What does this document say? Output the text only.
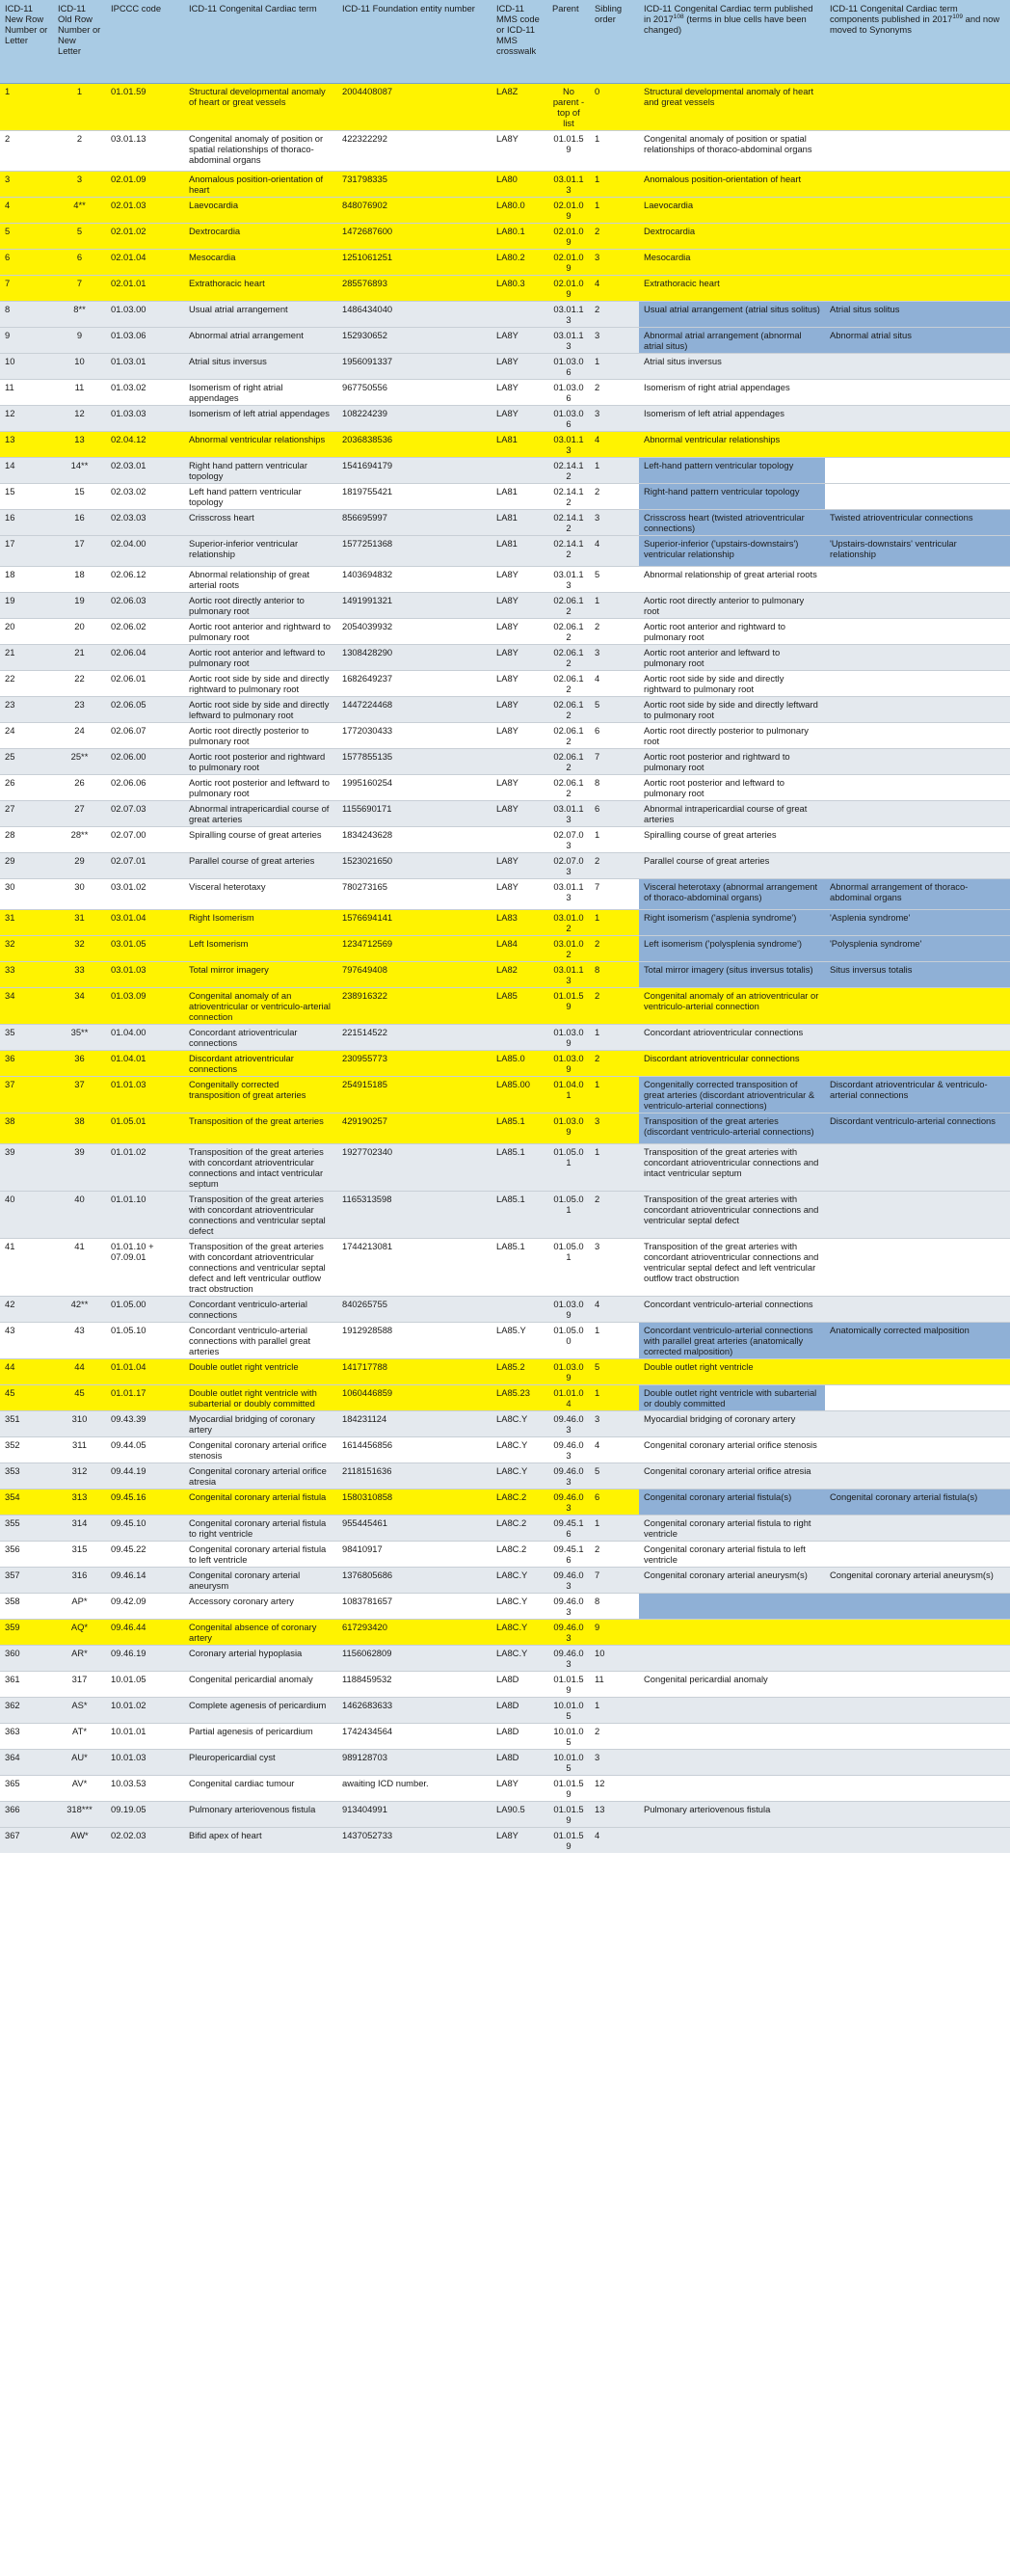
ICD-11 New Row Number or Letter	ICD-11 Old Row Number or New Letter	IPCCC code	ICD-11 Congenital Cardiac term	ICD-11 Foundation entity number	ICD-11 MMS code or ICD-11 MMS crosswalk	Parent	Sibling order	ICD-11 Congenital Cardiac term published in 2017$^{108}$ (terms in blue cells have been changed)	ICD-11 Congenital Cardiac term components published in 2017$^{109}$ and now moved to Synonyms
1	1	01.01.59	Structural developmental anomaly of heart or great vessels	2004408087	LA8Z	No parent - top of list	0	Structural developmental anomaly of heart and great vessels	
2	2	03.01.13	Congenital anomaly of position or spatial relationships of thoraco-abdominal organs	422322292	LA8Y	01.01.59	1	Congenital anomaly of position or spatial relationships of thoraco-abdominal organs	
3	3	02.01.09	Anomalous position-orientation of heart	731798335	LA80	03.01.13	1	Anomalous position-orientation of heart	
4	4**	02.01.03	Laevocardia	848076902	LA80.0	02.01.09	1	Laevocardia	
5	5	02.01.02	Dextrocardia	1472687600	LA80.1	02.01.09	2	Dextrocardia	
6	6	02.01.04	Mesocardia	1251061251	LA80.2	02.01.09	3	Mesocardia	
7	7	02.01.01	Extrathoracic heart	285576893	LA80.3	02.01.09	4	Extrathoracic heart	
8	8**	01.03.00	Usual atrial arrangement	1486434040		03.01.13	2	Usual atrial arrangement (atrial situs solitus)	Atrial situs solitus
9	9	01.03.06	Abnormal atrial arrangement	152930652	LA8Y	03.01.13	3	Abnormal atrial arrangement (abnormal atrial situs)	Abnormal atrial situs
10	10	01.03.01	Atrial situs inversus	1956091337	LA8Y	01.03.06	1	Atrial situs inversus	
11	11	01.03.02	Isomerism of right atrial appendages	967750556	LA8Y	01.03.06	2	Isomerism of right atrial appendages	
12	12	01.03.03	Isomerism of left atrial appendages	108224239	LA8Y	01.03.06	3	Isomerism of left atrial appendages	
13	13	02.04.12	Abnormal ventricular relationships	2036838536	LA81	03.01.13	4	Abnormal ventricular relationships	
14	14**	02.03.01	Right hand pattern ventricular topology	1541694179		02.14.12	1	Left-hand pattern ventricular topology	
15	15	02.03.02	Left hand pattern ventricular topology	1819755421	LA81	02.14.12	2	Right-hand pattern ventricular topology	
16	16	02.03.03	Crisscross heart	856695997	LA81	02.14.12	3	Crisscross heart (twisted atrioventricular connections)	Twisted atrioventricular connections
17	17	02.04.00	Superior-inferior ventricular relationship	1577251368	LA81	02.14.12	4	Superior-inferior ('upstairs-downstairs') ventricular relationship	'Upstairs-downstairs' ventricular relationship
18	18	02.06.12	Abnormal relationship of great arterial roots	1403694832	LA8Y	03.01.13	5	Abnormal relationship of great arterial roots	
19	19	02.06.03	Aortic root directly anterior to pulmonary root	1491991321	LA8Y	02.06.12	1	Aortic root directly anterior to pulmonary root	
20	20	02.06.02	Aortic root anterior and rightward to pulmonary root	2054039932	LA8Y	02.06.12	2	Aortic root anterior and rightward to pulmonary root	
21	21	02.06.04	Aortic root anterior and leftward to pulmonary root	1308428290	LA8Y	02.06.12	3	Aortic root anterior and leftward to pulmonary root	
22	22	02.06.01	Aortic root side by side and directly rightward to pulmonary root	1682649237	LA8Y	02.06.12	4	Aortic root side by side and directly rightward to pulmonary root	
23	23	02.06.05	Aortic root side by side and directly leftward to pulmonary root	1447224468	LA8Y	02.06.12	5	Aortic root side by side and directly leftward to pulmonary root	
24	24	02.06.07	Aortic root directly posterior to pulmonary root	1772030433	LA8Y	02.06.12	6	Aortic root directly posterior to pulmonary root	
25	25**	02.06.00	Aortic root posterior and rightward to pulmonary root	1577855135		02.06.12	7	Aortic root posterior and rightward to pulmonary root	
26	26	02.06.06	Aortic root posterior and leftward to pulmonary root	1995160254	LA8Y	02.06.12	8	Aortic root posterior and leftward to pulmonary root	
27	27	02.07.03	Abnormal intrapericardial course of great arteries	1155690171	LA8Y	03.01.13	6	Abnormal intrapericardial course of great arteries	
28	28**	02.07.00	Spiralling course of great arteries	1834243628		02.07.03	1	Spiralling course of great arteries	
29	29	02.07.01	Parallel course of great arteries	1523021650	LA8Y	02.07.03	2	Parallel course of great arteries	
30	30	03.01.02	Visceral heterotaxy	780273165	LA8Y	03.01.13	7	Visceral heterotaxy (abnormal arrangement of thoraco-abdominal organs)	Abnormal arrangement of thoraco-abdominal organs
31	31	03.01.04	Right Isomerism	1576694141	LA83	03.01.02	1	Right isomerism ('asplenia syndrome')	'Asplenia syndrome'
32	32	03.01.05	Left Isomerism	1234712569	LA84	03.01.02	2	Left isomerism ('polysplenia syndrome')	'Polysplenia syndrome'
33	33	03.01.03	Total mirror imagery	797649408	LA82	03.01.13	8	Total mirror imagery (situs inversus totalis)	Situs inversus totalis
34	34	01.03.09	Congenital anomaly of an atrioventricular or ventriculo-arterial connection	238916322	LA85	01.01.59	2	Congenital anomaly of an atrioventricular or ventriculo-arterial connection	
35	35**	01.04.00	Concordant atrioventricular connections	221514522		01.03.09	1	Concordant atrioventricular connections	
36	36	01.04.01	Discordant atrioventricular connections	230955773	LA85.0	01.03.09	2	Discordant atrioventricular connections	
37	37	01.01.03	Congenitally corrected transposition of great arteries	254915185	LA85.00	01.04.01	1	Congenitally corrected transposition of great arteries (discordant atrioventricular & ventriculo-arterial connections)	Discordant atrioventricular & ventriculo-arterial connections
38	38	01.05.01	Transposition of the great arteries	429190257	LA85.1	01.03.09	3	Transposition of the great arteries (discordant ventriculo-arterial connections)	Discordant ventriculo-arterial connections
39	39	01.01.02	Transposition of the great arteries with concordant atrioventricular connections and intact ventricular septum	1927702340	LA85.1	01.05.01	1	Transposition of the great arteries with concordant atrioventricular connections and intact ventricular septum	
40	40	01.01.10	Transposition of the great arteries with concordant atrioventricular connections and ventricular septal defect	1165313598	LA85.1	01.05.01	2	Transposition of the great arteries with concordant atrioventricular connections and ventricular septal defect	
41	41	01.01.10 + 07.09.01	Transposition of the great arteries with concordant atrioventricular connections and ventricular septal defect and left ventricular outflow tract obstruction	1744213081	LA85.1	01.05.01	3	Transposition of the great arteries with concordant atrioventricular connections and ventricular septal defect and left ventricular outflow tract obstruction	
42	42**	01.05.00	Concordant ventriculo-arterial connections	840265755		01.03.09	4	Concordant ventriculo-arterial connections	
43	43	01.05.10	Concordant ventriculo-arterial connections with parallel great arteries	1912928588	LA85.Y	01.05.00	1	Concordant ventriculo-arterial connections with parallel great arteries (anatomically corrected malposition)	Anatomically corrected malposition
44	44	01.01.04	Double outlet right ventricle	141717788	LA85.2	01.03.09	5	Double outlet right ventricle	
45	45	01.01.17	Double outlet right ventricle with subarterial or doubly committed	1060446859	LA85.23	01.01.04	1	Double outlet right ventricle with subarterial or doubly committed	
351	310	09.43.39	Myocardial bridging of coronary artery	184231124	LA8C.Y	09.46.03	3	Myocardial bridging of coronary artery	
352	311	09.44.05	Congenital coronary arterial orifice stenosis	1614456856	LA8C.Y	09.46.03	4	Congenital coronary arterial orifice stenosis	
353	312	09.44.19	Congenital coronary arterial orifice atresia	2118151636	LA8C.Y	09.46.03	5	Congenital coronary arterial orifice atresia	
354	313	09.45.16	Congenital coronary arterial fistula	1580310858	LA8C.2	09.46.03	6	Congenital coronary arterial fistula(s)	Congenital coronary arterial fistula(s)
355	314	09.45.10	Congenital coronary arterial fistula to right ventricle	955445461	LA8C.2	09.45.16	1	Congenital coronary arterial fistula to right ventricle	
356	315	09.45.22	Congenital coronary arterial fistula to left ventricle	98410917	LA8C.2	09.45.16	2	Congenital coronary arterial fistula to left ventricle	
357	316	09.46.14	Congenital coronary arterial aneurysm	1376805686	LA8C.Y	09.46.03	7	Congenital coronary arterial aneurysm(s)	Congenital coronary arterial aneurysm(s)
358	AP*	09.42.09	Accessory coronary artery	1083781657	LA8C.Y	09.46.03	8		
359	AQ*	09.46.44	Congenital absence of coronary artery	617293420	LA8C.Y	09.46.03	9		
360	AR*	09.46.19	Coronary arterial hypoplasia	1156062809	LA8C.Y	09.46.03	10		
361	317	10.01.05	Congenital pericardial anomaly	1188459532	LA8D	01.01.59	11	Congenital pericardial anomaly	
362	AS*	10.01.02	Complete agenesis of pericardium	1462683633	LA8D	10.01.05	1		
363	AT*	10.01.01	Partial agenesis of pericardium	1742434564	LA8D	10.01.05	2		
364	AU*	10.01.03	Pleuropericardial cyst	989128703	LA8D	10.01.05	3		
365	AV*	10.03.53	Congenital cardiac tumour	awaiting ICD number.	LA8Y	01.01.59	12		
366	318***	09.19.05	Pulmonary arteriovenous fistula	913404991	LA90.5	01.01.59	13	Pulmonary arteriovenous fistula	
367	AW*	02.02.03	Bifid apex of heart	1437052733	LA8Y	01.01.59	4		
